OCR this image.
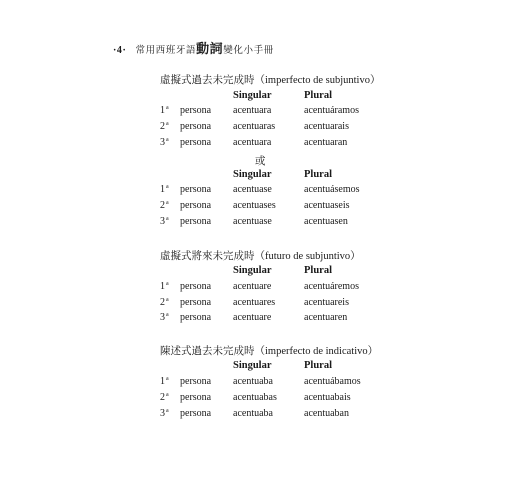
·4· 常用西班牙語動詞變化小手冊
虛擬式過去未完成時（imperfecto de subjuntivo）
Singular	Plural
1$^a$ persona acentuara	acentuáramos
2$^a$ persona acentuaras	acentuarais
3$^a$ persona acentuara	acentuaran
或
Singular	Plural
1$^a$ persona acentuase	acentuásemos
2$^a$ persona acentuases	acentuaseis
3$^a$ persona acentuase	acentuasen
虛擬式將來未完成時（futuro de subjuntivo）
Singular	Plural
1$^a$ persona acentuare	acentuáremos
2$^a$ persona acentuares	acentuareis
3$^a$ persona acentuare	acentuaren
陳述式過去未完成時（imperfecto de indicativo）
Singular	Plural
1$^a$ persona acentuaba	acentuábamos
2$^a$ persona acentuabas	acentuabais
3$^a$ persona acentuaba	acentuaban
